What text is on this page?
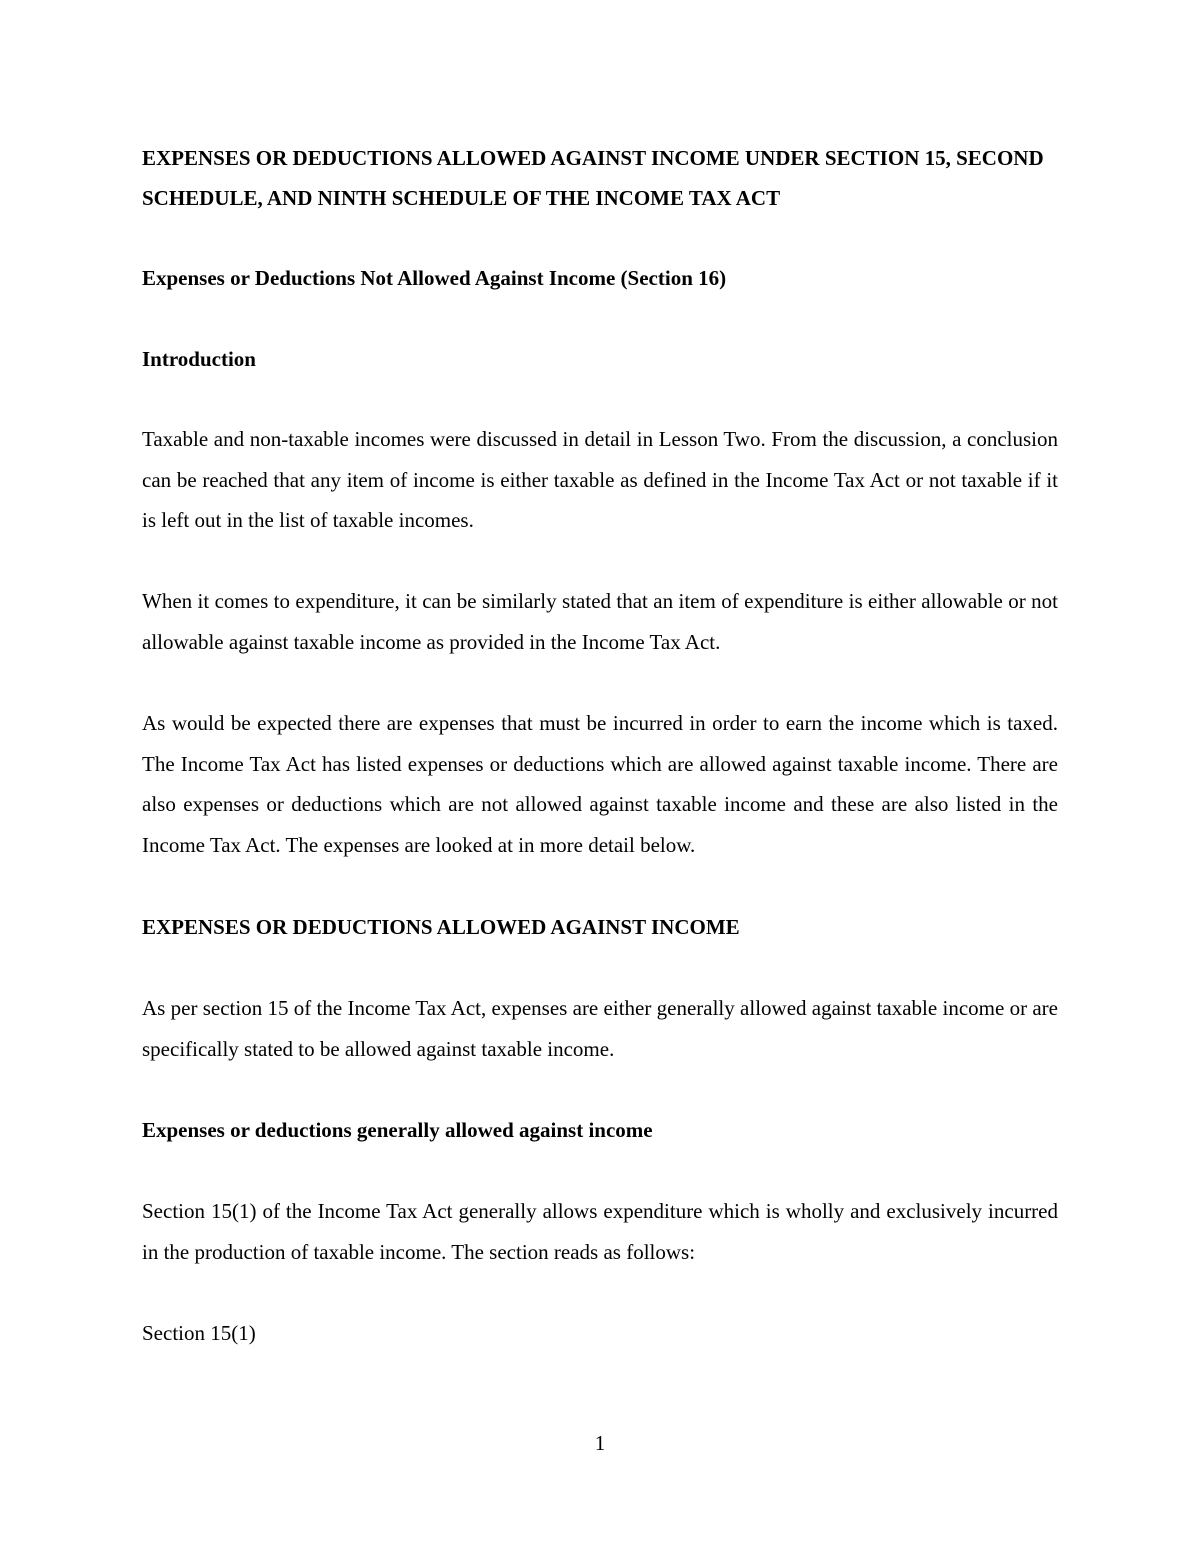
EXPENSES OR DEDUCTIONS ALLOWED AGAINST INCOME UNDER SECTION 15, SECOND SCHEDULE, AND NINTH SCHEDULE OF THE INCOME TAX ACT

Expenses or Deductions Not Allowed Against Income (Section 16)

Introduction

Taxable and non-taxable incomes were discussed in detail in Lesson Two. From the discussion, a conclusion can be reached that any item of income is either taxable as defined in the Income Tax Act or not taxable if it is left out in the list of taxable incomes.

When it comes to expenditure, it can be similarly stated that an item of expenditure is either allowable or not allowable against taxable income as provided in the Income Tax Act.

As would be expected there are expenses that must be incurred in order to earn the income which is taxed. The Income Tax Act has listed expenses or deductions which are allowed against taxable income. There are also expenses or deductions which are not allowed against taxable income and these are also listed in the Income Tax Act. The expenses are looked at in more detail below.

EXPENSES OR DEDUCTIONS ALLOWED AGAINST INCOME

As per section 15 of the Income Tax Act, expenses are either generally allowed against taxable income or are specifically stated to be allowed against taxable income.

Expenses or deductions generally allowed against income

Section 15(1) of the Income Tax Act generally allows expenditure which is wholly and exclusively incurred in the production of taxable income. The section reads as follows:

Section 15(1)

1
